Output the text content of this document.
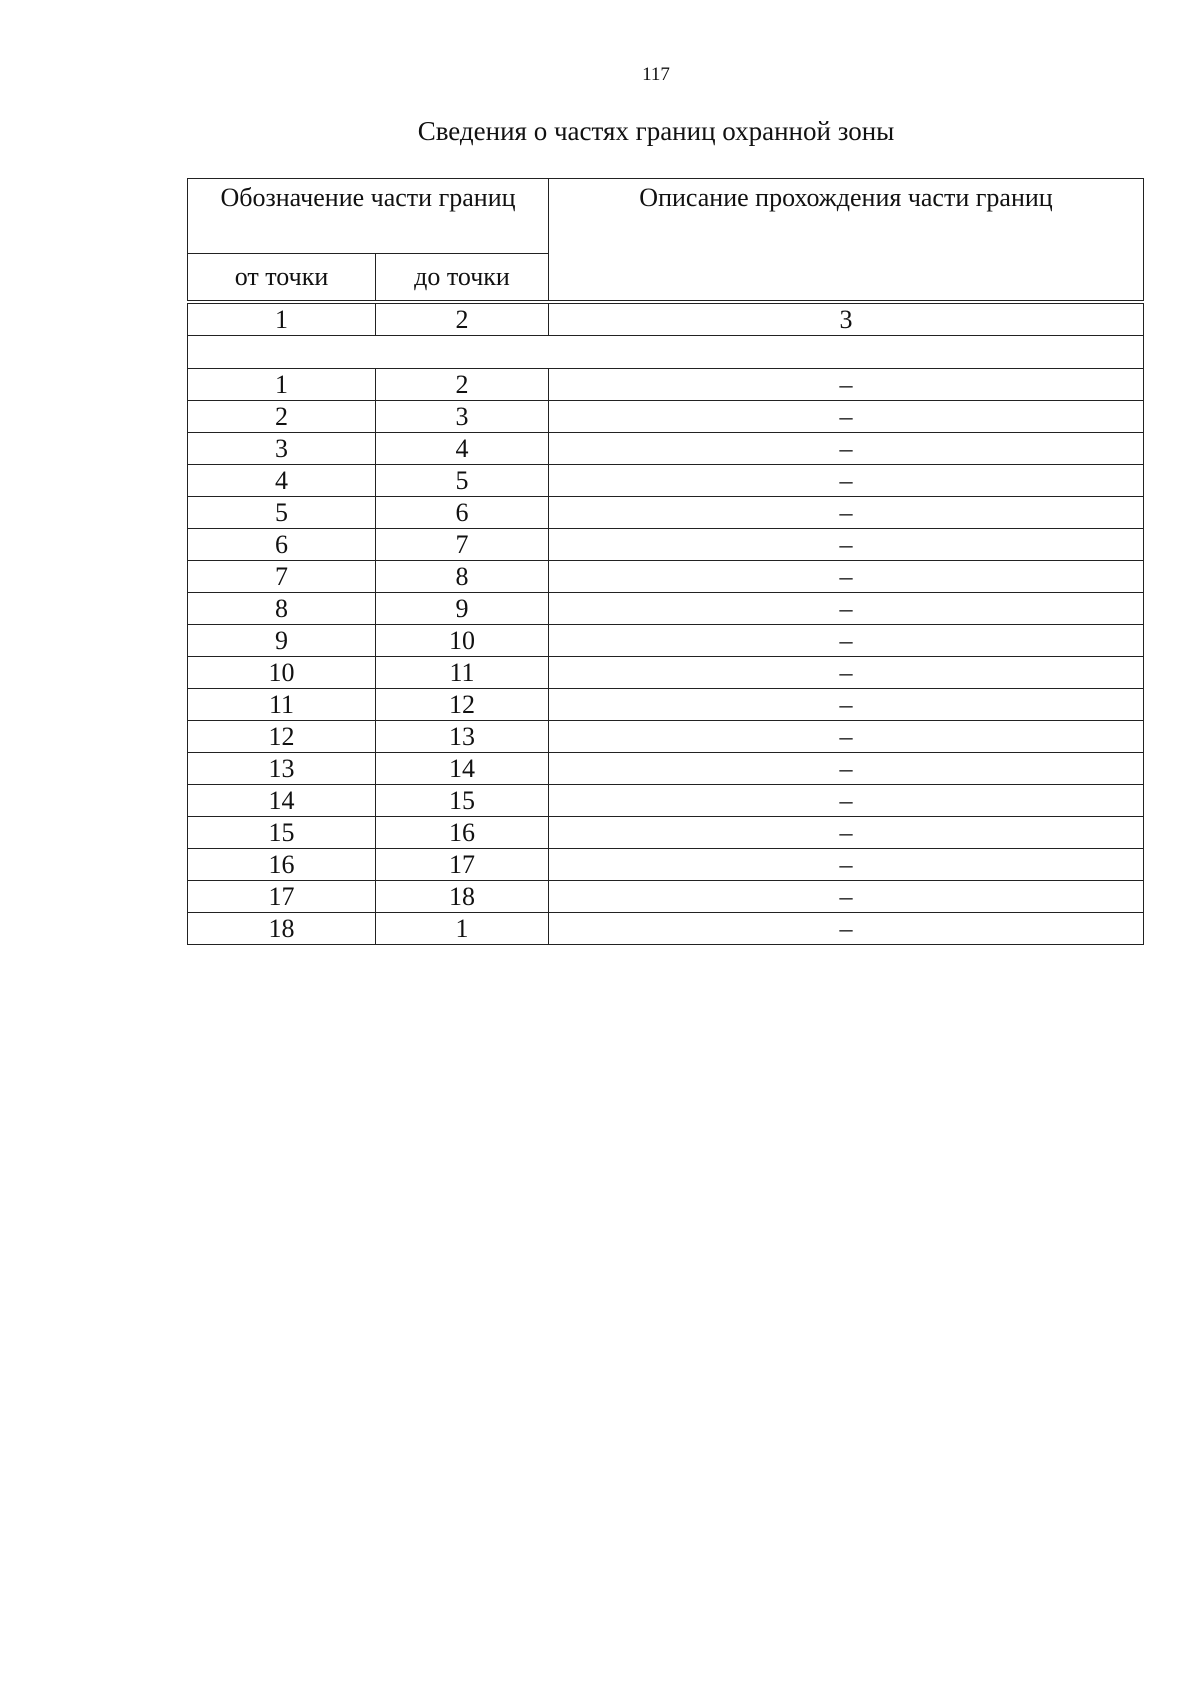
117
Сведения о частях границ охранной зоны
Обозначение части границ		Описание прохождения части границ
от точки	до точки	

1	2	3

1	2	–
2	3	–
3	4	–
4	5	–
5	6	–
6	7	–
7	8	–
8	9	–
9	10	–
10	11	–
11	12	–
12	13	–
13	14	–
14	15	–
15	16	–
16	17	–
17	18	–
18	1	–
